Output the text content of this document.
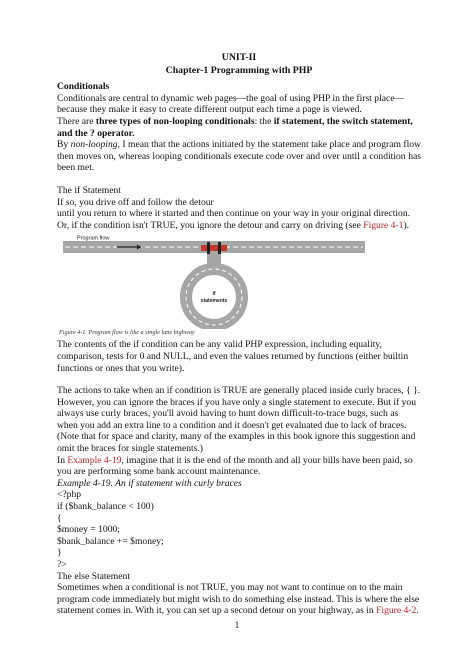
UNIT-II

Chapter-1 Programming with PHP

Conditionals

Conditionals are central to dynamic web pages—the goal of using PHP in the first place—because they make it easy to create different output each time a page is viewed.

There are three types of non-looping conditionals: the if statement, the switch statement, and the ? operator.

By non-looping, I mean that the actions initiated by the statement take place and program flow then moves on, whereas looping conditionals execute code over and over until a condition has been met.

The if Statement

If so, you drive off and follow the detour

until you return to where it started and then continue on your way in your original direction.

Or, if the condition isn't TRUE, you ignore the detour and carry on driving (see Figure 4-1).

Program flow
if
statements

Figure 4-1. Program flow is like a single lane highway

The contents of the if condition can be any valid PHP expression, including equality, comparison, tests for 0 and NULL, and even the values returned by functions (either builtin functions or ones that you write).

The actions to take when an if condition is TRUE are generally placed inside curly braces, { }. However, you can ignore the braces if you have only a single statement to execute. But if you always use curly braces, you'll avoid having to hunt down difficult-to-trace bugs, such as when you add an extra line to a condition and it doesn't get evaluated due to lack of braces. (Note that for space and clarity, many of the examples in this book ignore this suggestion and omit the braces for single statements.)

In Example 4-19, imagine that it is the end of the month and all your bills have been paid, so you are performing some bank account maintenance.

Example 4-19. An if statement with curly braces

<?php

if ($bank_balance < 100)

{

$money = 1000;

$bank_balance += $money;

}

?>

The else Statement

Sometimes when a conditional is not TRUE, you may not want to continue on to the main program code immediately but might wish to do something else instead. This is where the else statement comes in. With it, you can set up a second detour on your highway, as in Figure 4-2.

1
